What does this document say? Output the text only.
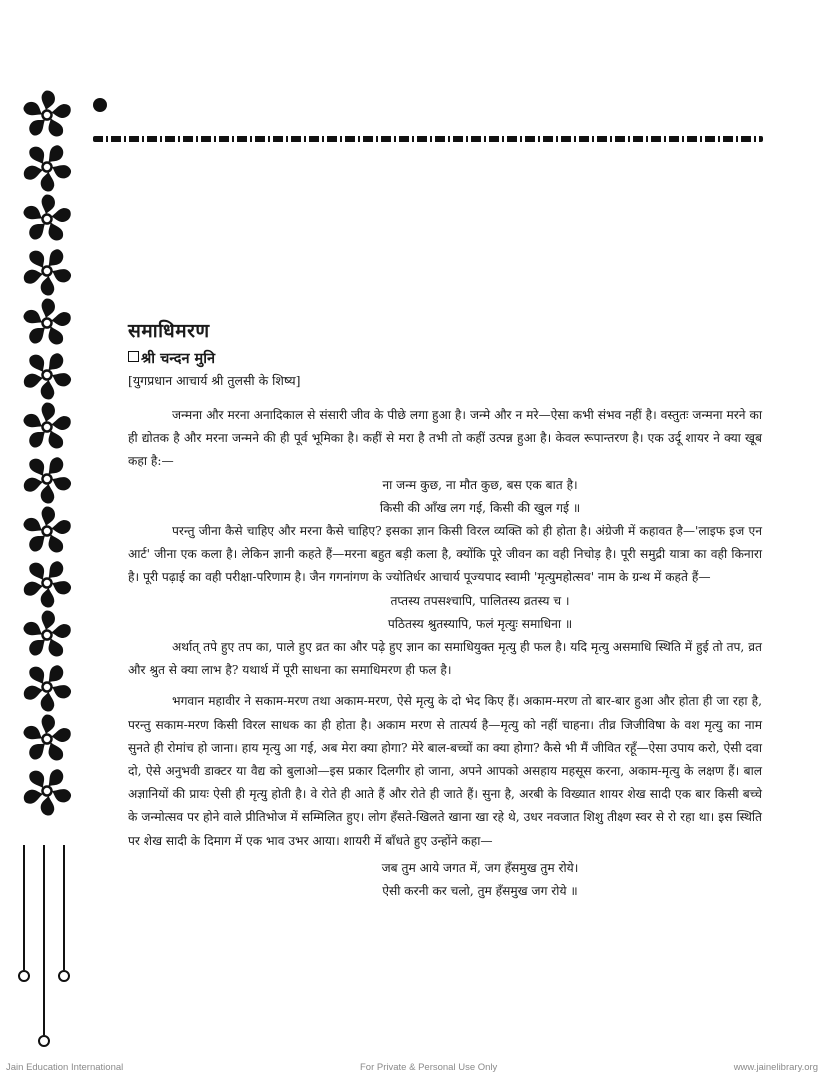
समाधिमरण

श्री चन्दन मुनि

[युगप्रधान आचार्य श्री तुलसी के शिष्य]

जन्मना और मरना अनादिकाल से संसारी जीव के पीछे लगा हुआ है। जन्मे और न मरे—ऐसा कभी संभव नहीं है। वस्तुतः जन्मना मरने का ही द्योतक है और मरना जन्मने की ही पूर्व भूमिका है। कहीं से मरा है तभी तो कहीं उत्पन्न हुआ है। केवल रूपान्तरण है। एक उर्दू शायर ने क्या खूब कहा है:—

ना जन्म कुछ, ना मौत कुछ, बस एक बात है।

किसी की आँख लग गई, किसी की खुल गई ॥

परन्तु जीना कैसे चाहिए और मरना कैसे चाहिए? इसका ज्ञान किसी विरल व्यक्ति को ही होता है। अंग्रेजी में कहावत है—'लाइफ इज एन आर्ट' जीना एक कला है। लेकिन ज्ञानी कहते हैं—मरना बहुत बड़ी कला है, क्योंकि पूरे जीवन का वही निचोड़ है। पूरी समुद्री यात्रा का वही किनारा है। पूरी पढ़ाई का वही परीक्षा-परिणाम है। जैन गगनांगण के ज्योतिर्धर आचार्य पूज्यपाद स्वामी 'मृत्युमहोत्सव' नाम के ग्रन्थ में कहते हैं—

तप्तस्य तपसश्चापि, पालितस्य व्रतस्य च ।

पठितस्य श्रुतस्यापि, फलं मृत्युः समाधिना ॥

अर्थात् तपे हुए तप का, पाले हुए व्रत का और पढ़े हुए ज्ञान का समाधियुक्त मृत्यु ही फल है। यदि मृत्यु असमाधि स्थिति में हुई तो तप, व्रत और श्रुत से क्या लाभ है? यथार्थ में पूरी साधना का समाधिमरण ही फल है।

भगवान महावीर ने सकाम-मरण तथा अकाम-मरण, ऐसे मृत्यु के दो भेद किए हैं। अकाम-मरण तो बार-बार हुआ और होता ही जा रहा है, परन्तु सकाम-मरण किसी विरल साधक का ही होता है। अकाम मरण से तात्पर्य है—मृत्यु को नहीं चाहना। तीव्र जिजीविषा के वश मृत्यु का नाम सुनते ही रोमांच हो जाना। हाय मृत्यु आ गई, अब मेरा क्या होगा? मेरे बाल-बच्चों का क्या होगा? कैसे भी मैं जीवित रहूँ—ऐसा उपाय करो, ऐसी दवा दो, ऐसे अनुभवी डाक्टर या वैद्य को बुलाओ—इस प्रकार दिलगीर हो जाना, अपने आपको असहाय महसूस करना, अकाम-मृत्यु के लक्षण हैं। बाल अज्ञानियों की प्रायः ऐसी ही मृत्यु होती है। वे रोते ही आते हैं और रोते ही जाते हैं। सुना है, अरबी के विख्यात शायर शेख सादी एक बार किसी बच्चे के जन्मोत्सव पर होने वाले प्रीतिभोज में सम्मिलित हुए। लोग हँसते-खिलते खाना खा रहे थे, उधर नवजात शिशु तीक्ष्ण स्वर से रो रहा था। इस स्थिति पर शेख सादी के दिमाग में एक भाव उभर आया। शायरी में बाँधते हुए उन्होंने कहा—

जब तुम आये जगत में, जग हँसमुख तुम रोये।

ऐसी करनी कर चलो, तुम हँसमुख जग रोये ॥

Jain Education International	For Private & Personal Use Only	www.jainelibrary.org
